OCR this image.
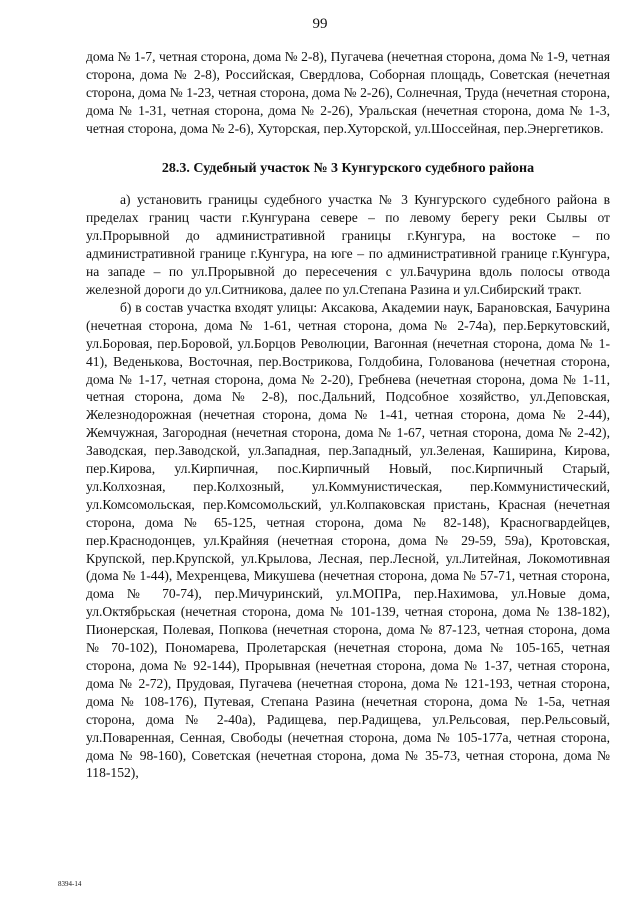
99

дома № 1-7, четная сторона, дома № 2-8), Пугачева (нечетная сторона, дома № 1-9, четная сторона, дома № 2-8), Российская, Свердлова, Соборная площадь, Советская (нечетная сторона, дома № 1-23, четная сторона, дома № 2-26), Солнечная, Труда (нечетная сторона, дома № 1-31, четная сторона, дома № 2-26), Уральская (нечетная сторона, дома № 1-3, четная сторона, дома № 2-6), Хуторская, пер.Хуторской, ул.Шоссейная, пер.Энергетиков.

28.3. Судебный участок № 3 Кунгурского судебного района

а) установить границы судебного участка № 3 Кунгурского судебного района в пределах границ части г.Кунгурана севере – по левому берегу реки Сылвы от ул.Прорывной до административной границы г.Кунгура, на востоке – по административной границе г.Кунгура, на юге – по административной границе г.Кунгура, на западе – по ул.Прорывной до пересечения с ул.Бачурина вдоль полосы отвода железной дороги до ул.Ситникова, далее по ул.Степана Разина и ул.Сибирский тракт.

б) в состав участка входят улицы: Аксакова, Академии наук, Барановская, Бачурина (нечетная сторона, дома № 1-61, четная сторона, дома № 2-74а), пер.Беркутовский, ул.Боровая, пер.Боровой, ул.Борцов Революции, Вагонная (нечетная сторона, дома № 1-41), Веденькова, Восточная, пер.Вострикова, Голдобина, Голованова (нечетная сторона, дома № 1-17, четная сторона, дома № 2-20), Гребнева (нечетная сторона, дома № 1-11, четная сторона, дома № 2-8), пос.Дальний, Подсобное хозяйство, ул.Деповская, Железнодорожная (нечетная сторона, дома № 1-41, четная сторона, дома № 2-44), Жемчужная, Загородная (нечетная сторона, дома № 1-67, четная сторона, дома № 2-42), Заводская, пер.Заводской, ул.Западная, пер.Западный, ул.Зеленая, Каширина, Кирова, пер.Кирова, ул.Кирпичная, пос.Кирпичный Новый, пос.Кирпичный Старый, ул.Колхозная, пер.Колхозный, ул.Коммунистическая, пер.Коммунистический, ул.Комсомольская, пер.Комсомольский, ул.Колпаковская пристань, Красная (нечетная сторона, дома № 65-125, четная сторона, дома № 82-148), Красногвардейцев, пер.Краснодонцев, ул.Крайняя (нечетная сторона, дома № 29-59, 59а), Кротовская, Крупской, пер.Крупской, ул.Крылова, Лесная, пер.Лесной, ул.Литейная, Локомотивная (дома № 1-44), Мехренцева, Микушева (нечетная сторона, дома № 57-71, четная сторона, дома № 70-74), пер.Мичуринский, ул.МОПРа, пер.Нахимова, ул.Новые дома, ул.Октябрьская (нечетная сторона, дома № 101-139, четная сторона, дома № 138-182), Пионерская, Полевая, Попкова (нечетная сторона, дома № 87-123, четная сторона, дома № 70-102), Пономарева, Пролетарская (нечетная сторона, дома № 105-165, четная сторона, дома № 92-144), Прорывная (нечетная сторона, дома № 1-37, четная сторона, дома № 2-72), Прудовая, Пугачева (нечетная сторона, дома № 121-193, четная сторона, дома № 108-176), Путевая, Степана Разина (нечетная сторона, дома № 1-5а, четная сторона, дома № 2-40а), Радищева, пер.Радищева, ул.Рельсовая, пер.Рельсовый, ул.Поваренная, Сенная, Свободы (нечетная сторона, дома № 105-177а, четная сторона, дома № 98-160), Советская (нечетная сторона, дома № 35-73, четная сторона, дома № 118-152),

8394-14
